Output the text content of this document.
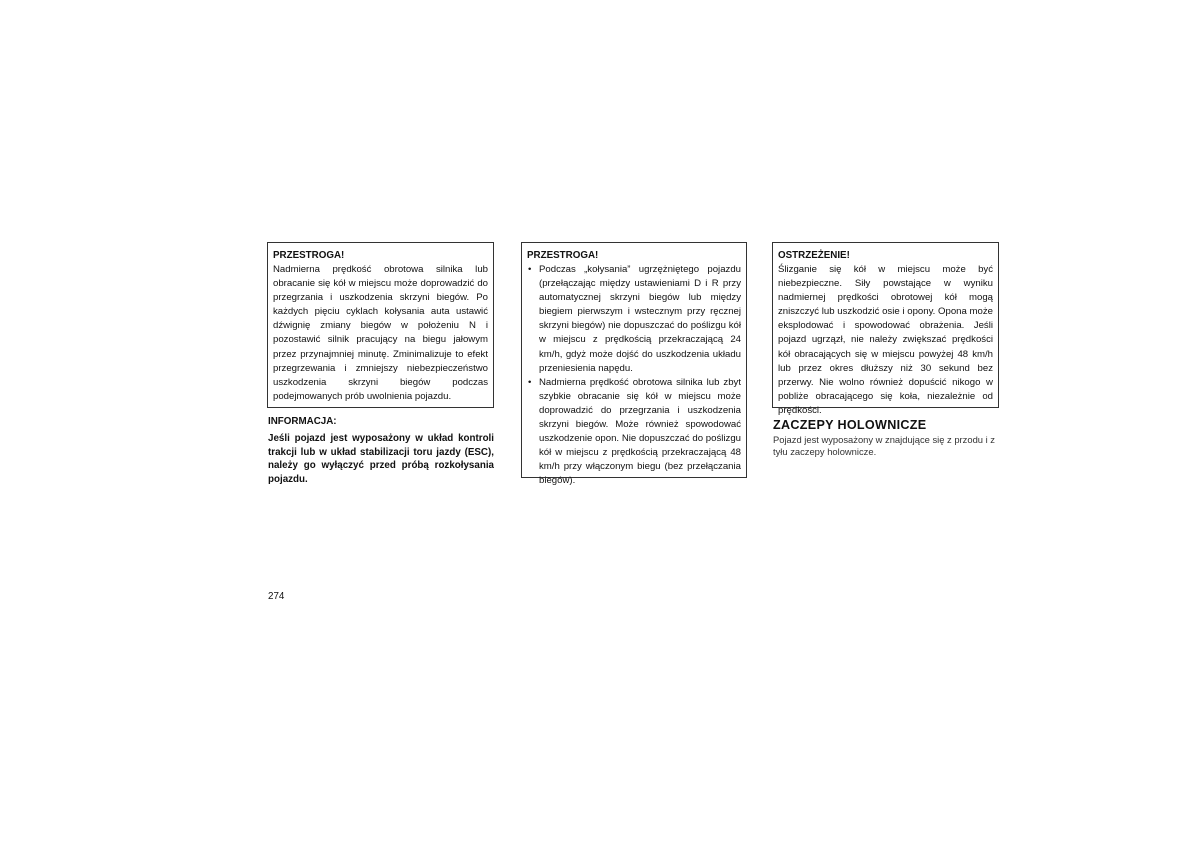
PRZESTROGA!

Nadmierna prędkość obrotowa silnika lub obracanie się kół w miejscu może doprowadzić do przegrzania i uszkodzenia skrzyni biegów. Po każdych pięciu cyklach kołysania auta ustawić dźwignię zmiany biegów w położeniu N i pozostawić silnik pracujący na biegu jałowym przez przynajmniej minutę. Zminimalizuje to efekt przegrzewania i zmniejszy niebezpieczeństwo uszkodzenia skrzyni biegów podczas podejmowanych prób uwolnienia pojazdu.

INFORMACJA:

Jeśli pojazd jest wyposażony w układ kontroli trakcji lub w układ stabilizacji toru jazdy (ESC), należy go wyłączyć przed próbą rozkołysania pojazdu.

PRZESTROGA!

• Podczas „kołysania” ugrzężniętego pojazdu (przełączając między ustawieniami D i R przy automatycznej skrzyni biegów lub między biegiem pierwszym i wstecznym przy ręcznej skrzyni biegów) nie dopuszczać do poślizgu kół w miejscu z prędkością przekraczającą 24 km/h, gdyż może dojść do uszkodzenia układu przeniesienia napędu.
• Nadmierna prędkość obrotowa silnika lub zbyt szybkie obracanie się kół w miejscu może doprowadzić do przegrzania i uszkodzenia skrzyni biegów. Może również spowodować uszkodzenie opon. Nie dopuszczać do poślizgu kół w miejscu z prędkością przekraczającą 48 km/h przy włączonym biegu (bez przełączania biegów).

OSTRZEŻENIE!

Ślizganie się kół w miejscu może być niebezpieczne. Siły powstające w wyniku nadmiernej prędkości obrotowej kół mogą zniszczyć lub uszkodzić osie i opony. Opona może eksplodować i spowodować obrażenia. Jeśli pojazd ugrzązł, nie należy zwiększać prędkości kół obracających się w miejscu powyżej 48 km/h lub przez okres dłuższy niż 30 sekund bez przerwy. Nie wolno również dopuścić nikogo w pobliże obracającego się koła, niezależnie od prędkości.

ZACZEPY HOLOWNICZE

Pojazd jest wyposażony w znajdujące się z przodu i z tyłu zaczepy holownicze.

274
